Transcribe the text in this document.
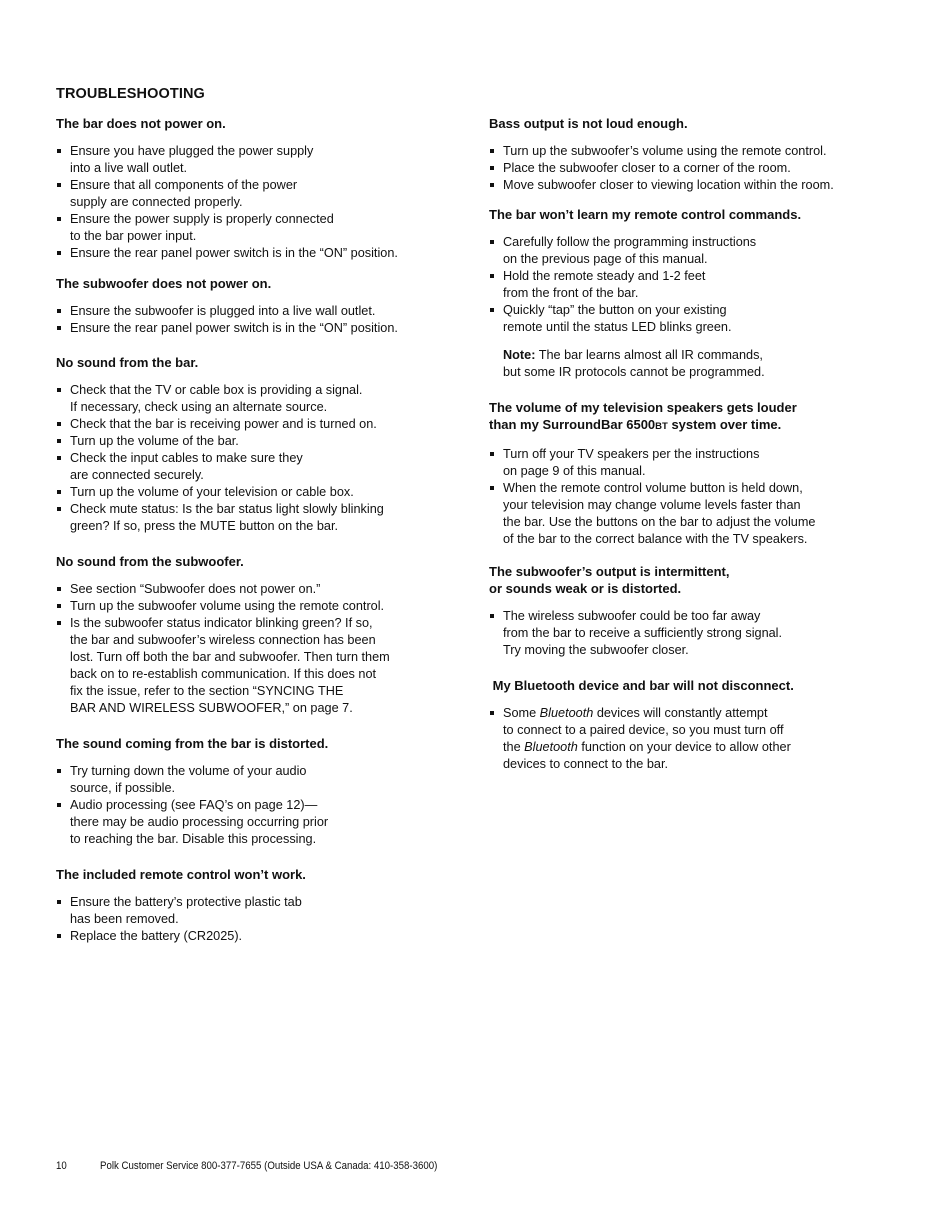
TROUBLESHOOTING
The bar does not power on.
Ensure you have plugged the power supply
into a live wall outlet.
Ensure that all components of the power
supply are connected properly.
Ensure the power supply is properly connected
to the bar power input.
Ensure the rear panel power switch is in the “ON” position.
The subwoofer does not power on.
Ensure the subwoofer is plugged into a live wall outlet.
Ensure the rear panel power switch is in the “ON” position.
No sound from the bar.
Check that the TV or cable box is providing a signal.
If necessary, check using an alternate source.
Check that the bar is receiving power and is turned on.
Turn up the volume of the bar.
Check the input cables to make sure they
are connected securely.
Turn up the volume of your television or cable box.
Check mute status: Is the bar status light slowly blinking
green? If so, press the MUTE button on the bar.
No sound from the subwoofer.
See section “Subwoofer does not power on.”
Turn up the subwoofer volume using the remote control.
Is the subwoofer status indicator blinking green? If so,
the bar and subwoofer’s wireless connection has been
lost. Turn off both the bar and subwoofer. Then turn them
back on to re-establish communication. If this does not
fix the issue, refer to the section “SYNCING THE
BAR AND WIRELESS SUBWOOFER,” on page 7.
The sound coming from the bar is distorted.
Try turning down the volume of your audio
source, if possible.
Audio processing (see FAQ’s on page 12)—
there may be audio processing occurring prior
to reaching the bar. Disable this processing.
The included remote control won’t work.
Ensure the battery’s protective plastic tab
has been removed.
Replace the battery (CR2025).
Bass output is not loud enough.
Turn up the subwoofer’s volume using the remote control.
Place the subwoofer closer to a corner of the room.
Move subwoofer closer to viewing location within the room.
The bar won’t learn my remote control commands.
Carefully follow the programming instructions
on the previous page of this manual.
Hold the remote steady and 1-2 feet
from the front of the bar.
Quickly “tap” the button on your existing
remote until the status LED blinks green.
Note: The bar learns almost all IR commands,
but some IR protocols cannot be programmed.
The volume of my television speakers gets louder
than my SurroundBar 6500BT system over time.
Turn off your TV speakers per the instructions
on page 9 of this manual.
When the remote control volume button is held down,
your television may change volume levels faster than
the bar. Use the buttons on the bar to adjust the volume
of the bar to the correct balance with the TV speakers.
The subwoofer’s output is intermittent,
or sounds weak or is distorted.
The wireless subwoofer could be too far away
from the bar to receive a sufficiently strong signal.
Try moving the subwoofer closer.
My Bluetooth device and bar will not disconnect.
Some Bluetooth devices will constantly attempt
to connect to a paired device, so you must turn off
the Bluetooth function on your device to allow other
devices to connect to the bar.
10	Polk Customer Service 800-377-7655 (Outside USA & Canada: 410-358-3600)
